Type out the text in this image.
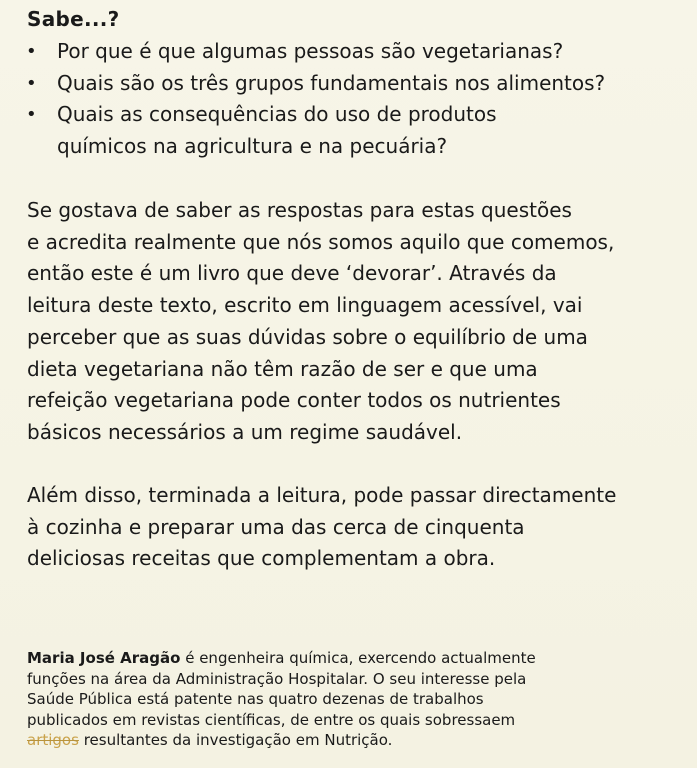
Sabe...?
• Por que é que algumas pessoas são vegetarianas?
• Quais são os três grupos fundamentais nos alimentos?
• Quais as consequências do uso de produtos
químicos na agricultura e na pecuária?

Se gostava de saber as respostas para estas questões
e acredita realmente que nós somos aquilo que comemos,
então este é um livro que deve ‘devorar’. Através da
leitura deste texto, escrito em linguagem acessível, vai
perceber que as suas dúvidas sobre o equilíbrio de uma
dieta vegetariana não têm razão de ser e que uma
refeição vegetariana pode conter todos os nutrientes
básicos necessários a um regime saudável.

Além disso, terminada a leitura, pode passar directamente
à cozinha e preparar uma das cerca de cinquenta
deliciosas receitas que complementam a obra.

Maria José Aragão é engenheira química, exercendo actualmente
funções na área da Administração Hospitalar. O seu interesse pela
Saúde Pública está patente nas quatro dezenas de trabalhos
publicados em revistas científicas, de entre os quais sobressaem
artigos resultantes da investigação em Nutrição.
